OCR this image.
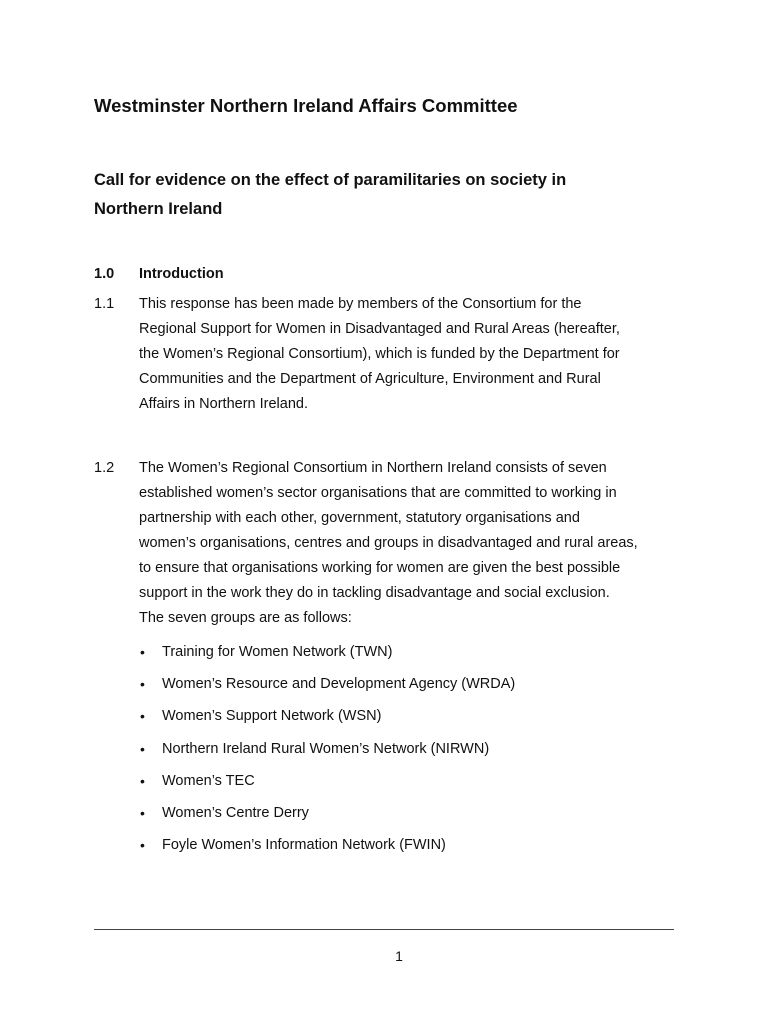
Westminster Northern Ireland Affairs Committee
Call for evidence on the effect of paramilitaries on society in
Northern Ireland
1.0 Introduction
1.1 This response has been made by members of the Consortium for the
Regional Support for Women in Disadvantaged and Rural Areas (hereafter,
the Women’s Regional Consortium), which is funded by the Department for
Communities and the Department of Agriculture, Environment and Rural
Affairs in Northern Ireland.
1.2 The Women’s Regional Consortium in Northern Ireland consists of seven
established women’s sector organisations that are committed to working in
partnership with each other, government, statutory organisations and
women’s organisations, centres and groups in disadvantaged and rural areas,
to ensure that organisations working for women are given the best possible
support in the work they do in tackling disadvantage and social exclusion.
The seven groups are as follows:
• Training for Women Network (TWN)
• Women’s Resource and Development Agency (WRDA)
• Women’s Support Network (WSN)
• Northern Ireland Rural Women’s Network (NIRWN)
• Women’s TEC
• Women’s Centre Derry
• Foyle Women’s Information Network (FWIN)
1
